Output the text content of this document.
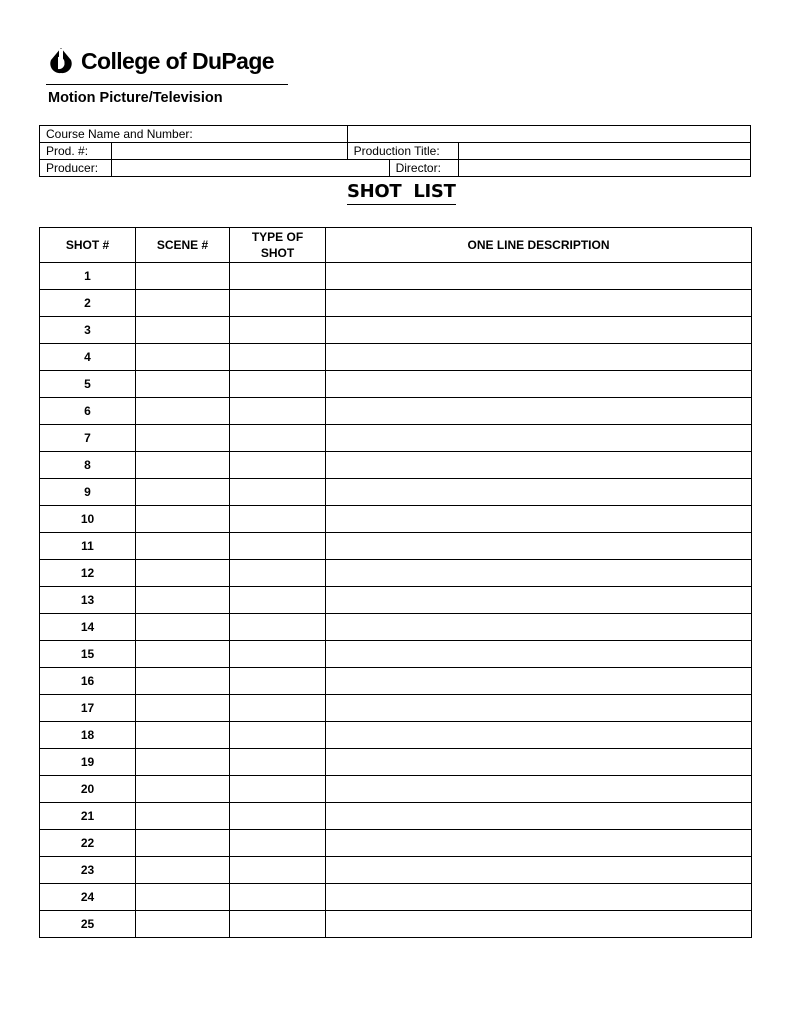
College of DuPage
Motion Picture/Television
Course Name and Number:				
Prod. #:		Production Title:		
Producer:			Director:	
SHOT  LIST
SHOT #	SCENE #	TYPE OF
SHOT	ONE LINE DESCRIPTION
1			
2			
3			
4			
5			
6			
7			
8			
9			
10			
11			
12			
13			
14			
15			
16			
17			
18			
19			
20			
21			
22			
23			
24			
25			
